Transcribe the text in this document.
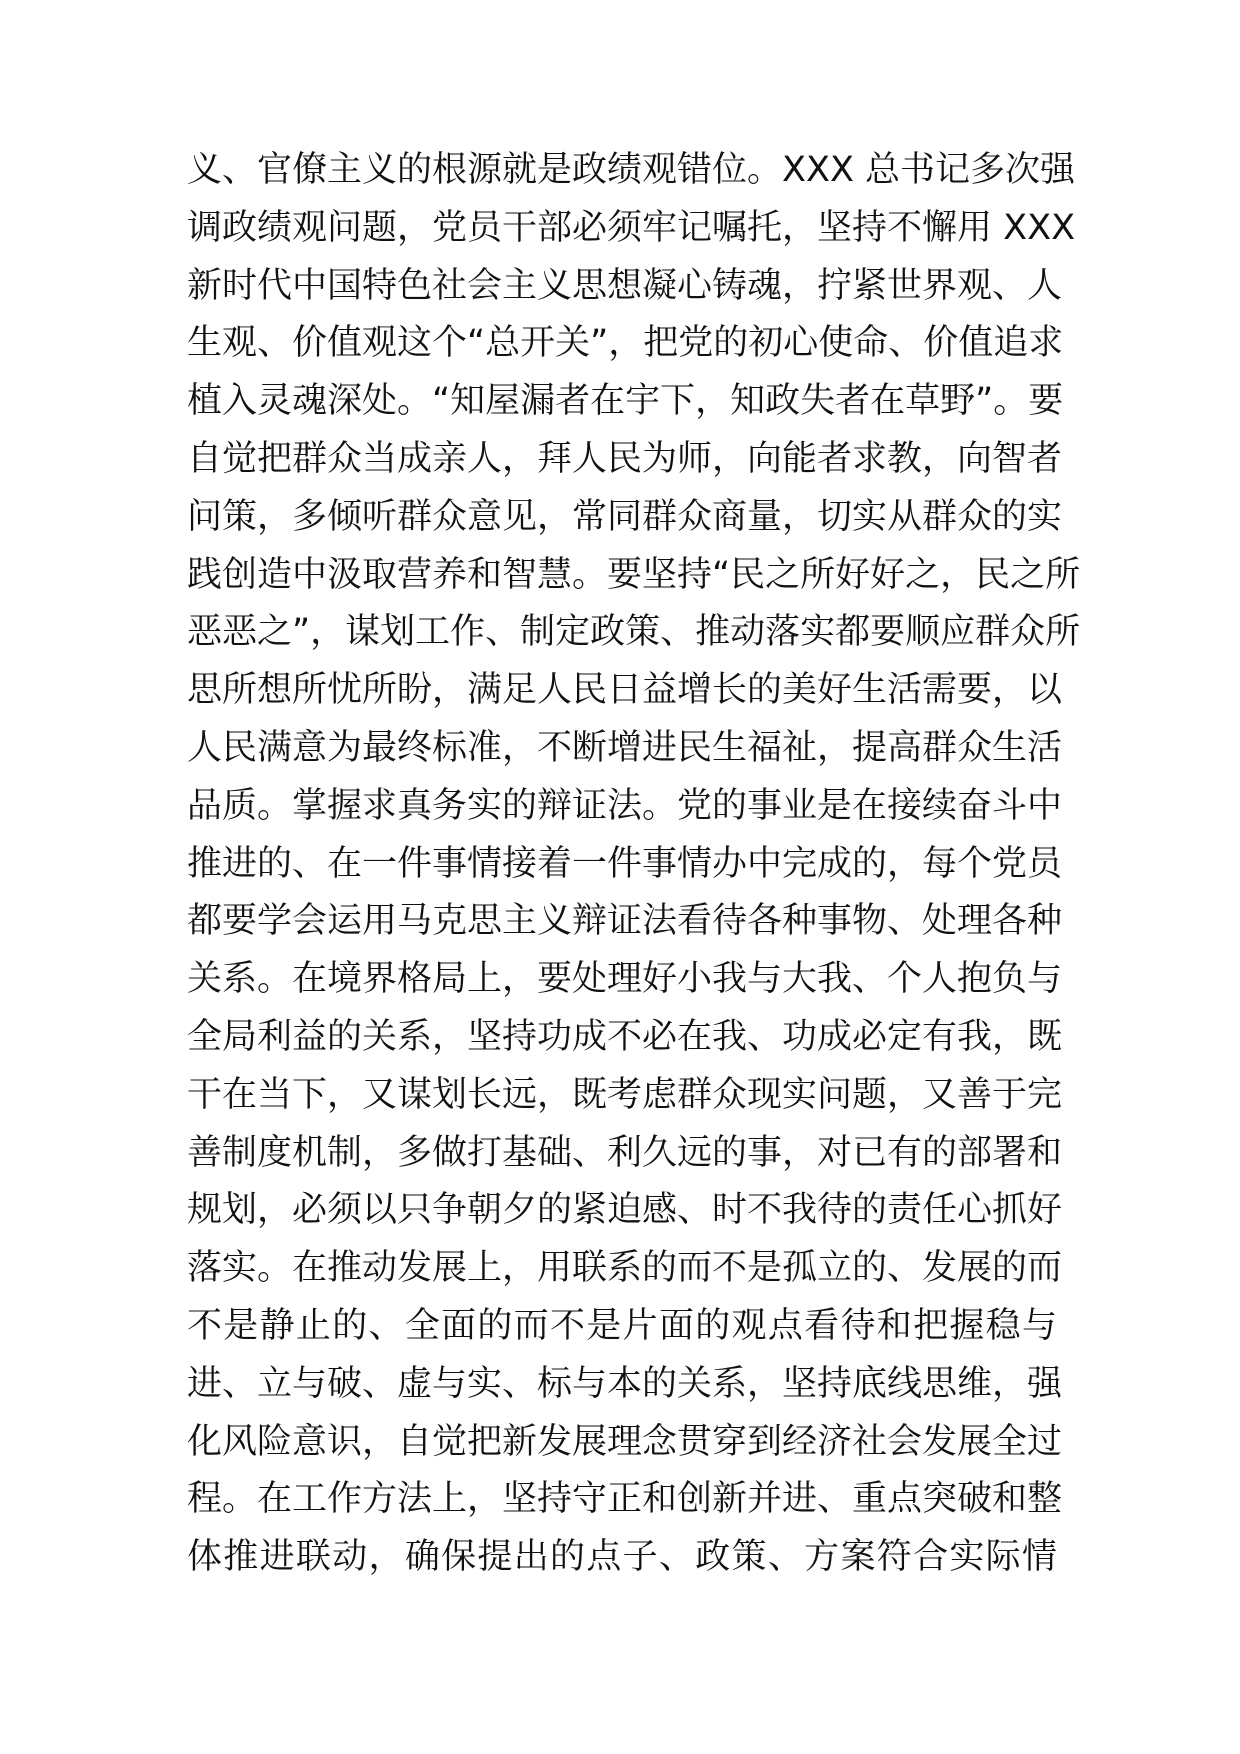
义、官僚主义的根源就是政绩观错位。XXX 总书记多次强
调政绩观问题，党员干部必须牢记嘱托，坚持不懈用 XXX
新时代中国特色社会主义思想凝心铸魂，拧紧世界观、人
生观、价值观这个“总开关”，把党的初心使命、价值追求
植入灵魂深处。“知屋漏者在宇下，知政失者在草野”。要
自觉把群众当成亲人，拜人民为师，向能者求教，向智者
问策，多倾听群众意见，常同群众商量，切实从群众的实
践创造中汲取营养和智慧。要坚持“民之所好好之，民之所
恶恶之”，谋划工作、制定政策、推动落实都要顺应群众所
思所想所忧所盼，满足人民日益增长的美好生活需要，以
人民满意为最终标准，不断增进民生福祉，提高群众生活
品质。掌握求真务实的辩证法。党的事业是在接续奋斗中
推进的、在一件事情接着一件事情办中完成的，每个党员
都要学会运用马克思主义辩证法看待各种事物、处理各种
关系。在境界格局上，要处理好小我与大我、个人抱负与
全局利益的关系，坚持功成不必在我、功成必定有我，既
干在当下，又谋划长远，既考虑群众现实问题，又善于完
善制度机制，多做打基础、利久远的事，对已有的部署和
规划，必须以只争朝夕的紧迫感、时不我待的责任心抓好
落实。在推动发展上，用联系的而不是孤立的、发展的而
不是静止的、全面的而不是片面的观点看待和把握稳与
进、立与破、虚与实、标与本的关系，坚持底线思维，强
化风险意识，自觉把新发展理念贯穿到经济社会发展全过
程。在工作方法上，坚持守正和创新并进、重点突破和整
体推进联动，确保提出的点子、政策、方案符合实际情
